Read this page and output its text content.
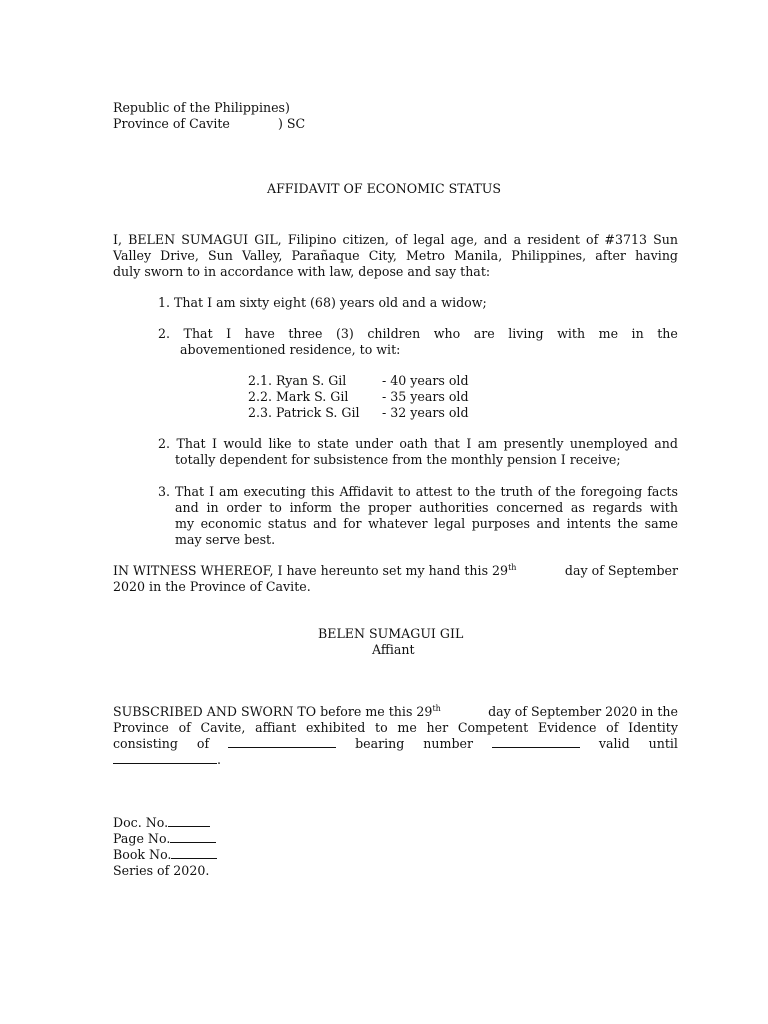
Republic of the Philippines)
Province of Cavite	) SC
AFFIDAVIT OF ECONOMIC STATUS
I, BELEN SUMAGUI GIL, Filipino citizen, of legal age, and a resident of #3713 Sun
Valley Drive, Sun Valley, Parañaque City, Metro Manila, Philippines, after having
duly sworn to in accordance with law, depose and say that:
1. That I am sixty eight (68) years old and a widow;
2. That I have three (3) children who are living with me in the
abovementioned residence, to wit:
2.1. Ryan S. Gil	- 40 years old
2.2. Mark S. Gil	- 35 years old
2.3. Patrick S. Gil - 32 years old
2. That I would like to state under oath that I am presently unemployed and
totally dependent for subsistence from the monthly pension I receive;
3. That I am executing this Affidavit to attest to the truth of the foregoing facts
and in order to inform the proper authorities concerned as regards with
my economic status and for whatever legal purposes and intents the same
may serve best.
IN WITNESS WHEREOF, I have hereunto set my hand this 29th	day of September
2020 in the Province of Cavite.
BELEN SUMAGUI GIL
Affiant
SUBSCRIBED AND SWORN TO before me this 29th	day of September 2020 in the
Province of Cavite, affiant exhibited to me her Competent Evidence of Identity
consisting of	bearing number	valid until
.
Doc. No.
Page No.
Book No.
Series of 2020.
